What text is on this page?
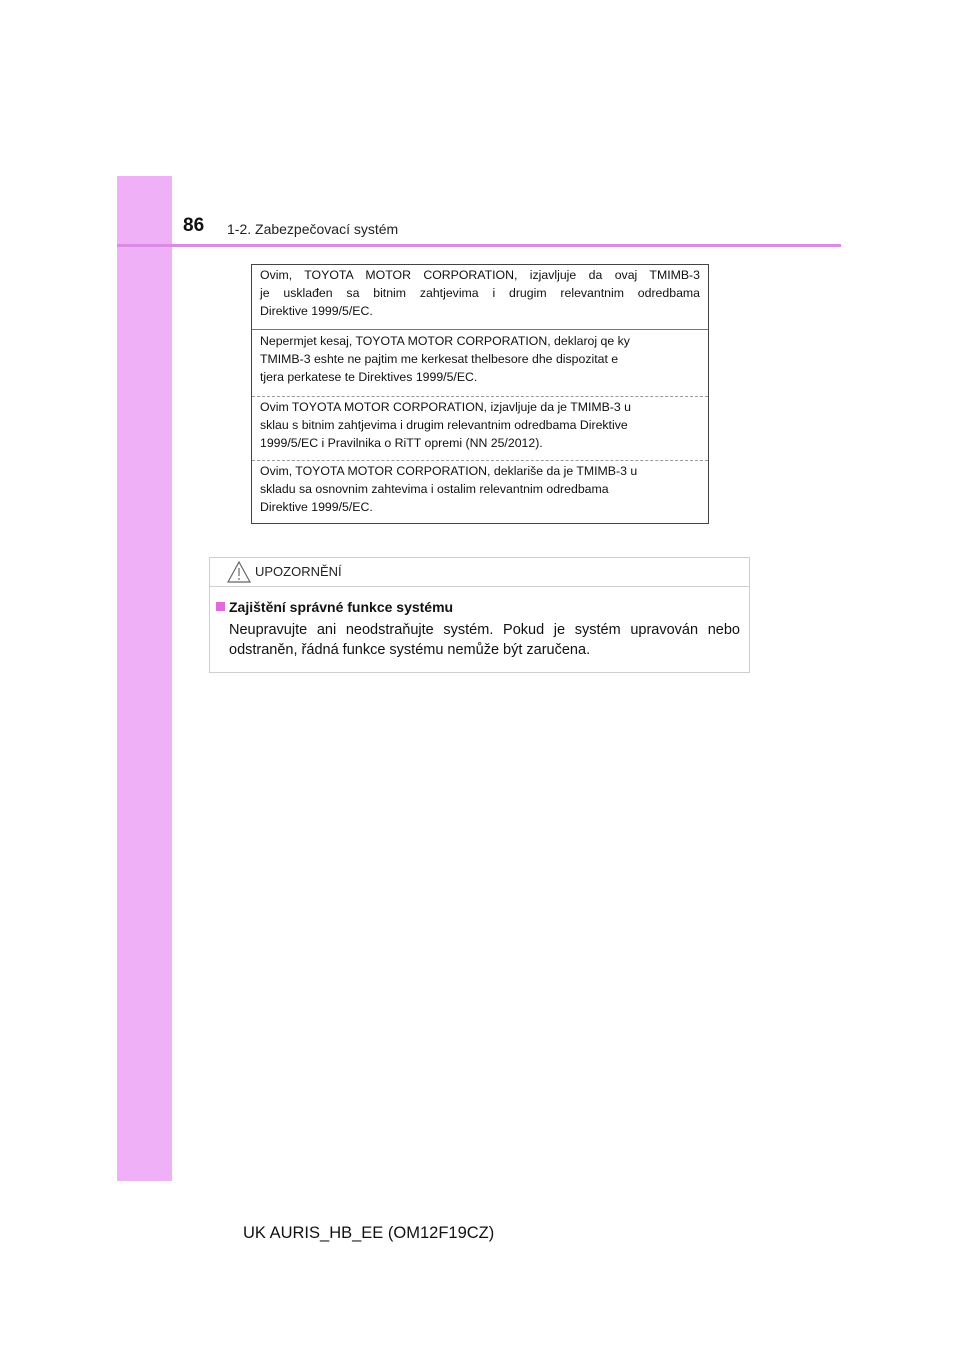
86 1-2. Zabezpečovací systém
Ovim, TOYOTA MOTOR CORPORATION, izjavljuje da ovaj TMIMB-3
je usklađen sa bitnim zahtjevima i drugim relevantnim odredbama
Direktive 1999/5/EC.
Nepermjet kesaj, TOYOTA MOTOR CORPORATION, deklaroj qe ky
TMIMB-3 eshte ne pajtim me kerkesat thelbesore dhe dispozitat e
tjera perkatese te Direktives 1999/5/EC.
Ovim TOYOTA MOTOR CORPORATION, izjavljuje da je TMIMB-3 u
sklau s bitnim zahtjevima i drugim relevantnim odredbama Direktive
1999/5/EC i Pravilnika o RiTT opremi (NN 25/2012).
Ovim, TOYOTA MOTOR CORPORATION, deklariše da je TMIMB-3 u
skladu sa osnovnim zahtevima i ostalim relevantnim odredbama
Direktive 1999/5/EC.
UPOZORNĚNÍ
Zajištění správné funkce systému
Neupravujte ani neodstraňujte systém. Pokud je systém upravován nebo
odstraněn, řádná funkce systému nemůže být zaručena.
UK AURIS_HB_EE (OM12F19CZ)
